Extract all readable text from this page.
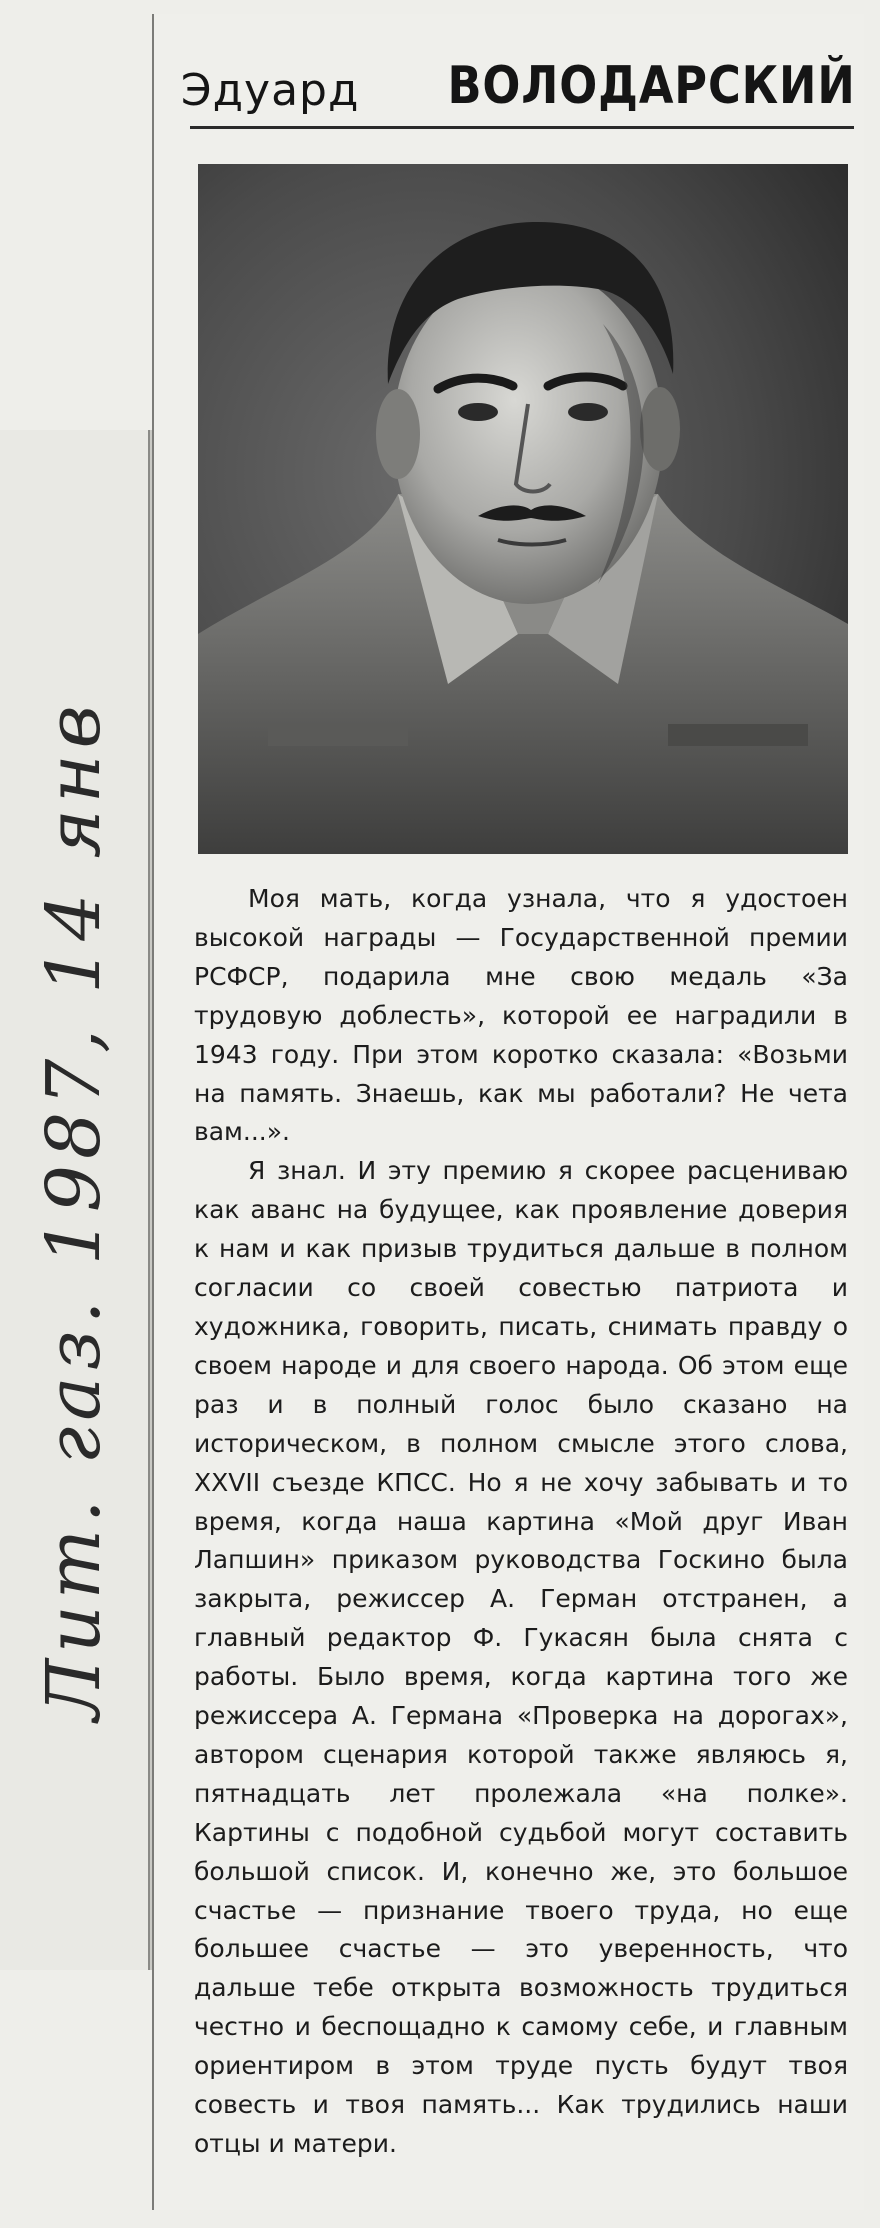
Лит. газ. 1987, 14 янв
Эдуард ВОЛОДАРСКИЙ

Моя мать, когда узнала, что я удостоен высокой награды — Государственной премии РСФСР, подарила мне свою медаль «За трудовую доблесть», которой ее наградили в 1943 году. При этом коротко сказала: «Возьми на память. Знаешь, как мы работали? Не чета вам...».

Я знал. И эту премию я скорее расцениваю как аванс на будущее, как проявление доверия к нам и как призыв трудиться дальше в полном согласии со своей совестью патриота и художника, говорить, писать, снимать правду о своем народе и для своего народа. Об этом еще раз и в полный голос было сказано на историческом, в полном смысле этого слова, XXVII съезде КПСС. Но я не хочу забывать и то время, когда наша картина «Мой друг Иван Лапшин» приказом руководства Госкино была закрыта, режиссер А. Герман отстранен, а главный редактор Ф. Гукасян была снята с работы. Было время, когда картина того же режиссера А. Германа «Проверка на дорогах», автором сценария которой также являюсь я, пятнадцать лет пролежала «на полке». Картины с подобной судьбой могут составить большой список. И, конечно же, это большое счастье — признание твоего труда, но еще большее счастье — это уверенность, что дальше тебе открыта возможность трудиться честно и беспощадно к самому себе, и главным ориентиром в этом труде пусть будут твоя совесть и твоя память... Как трудились наши отцы и матери.
